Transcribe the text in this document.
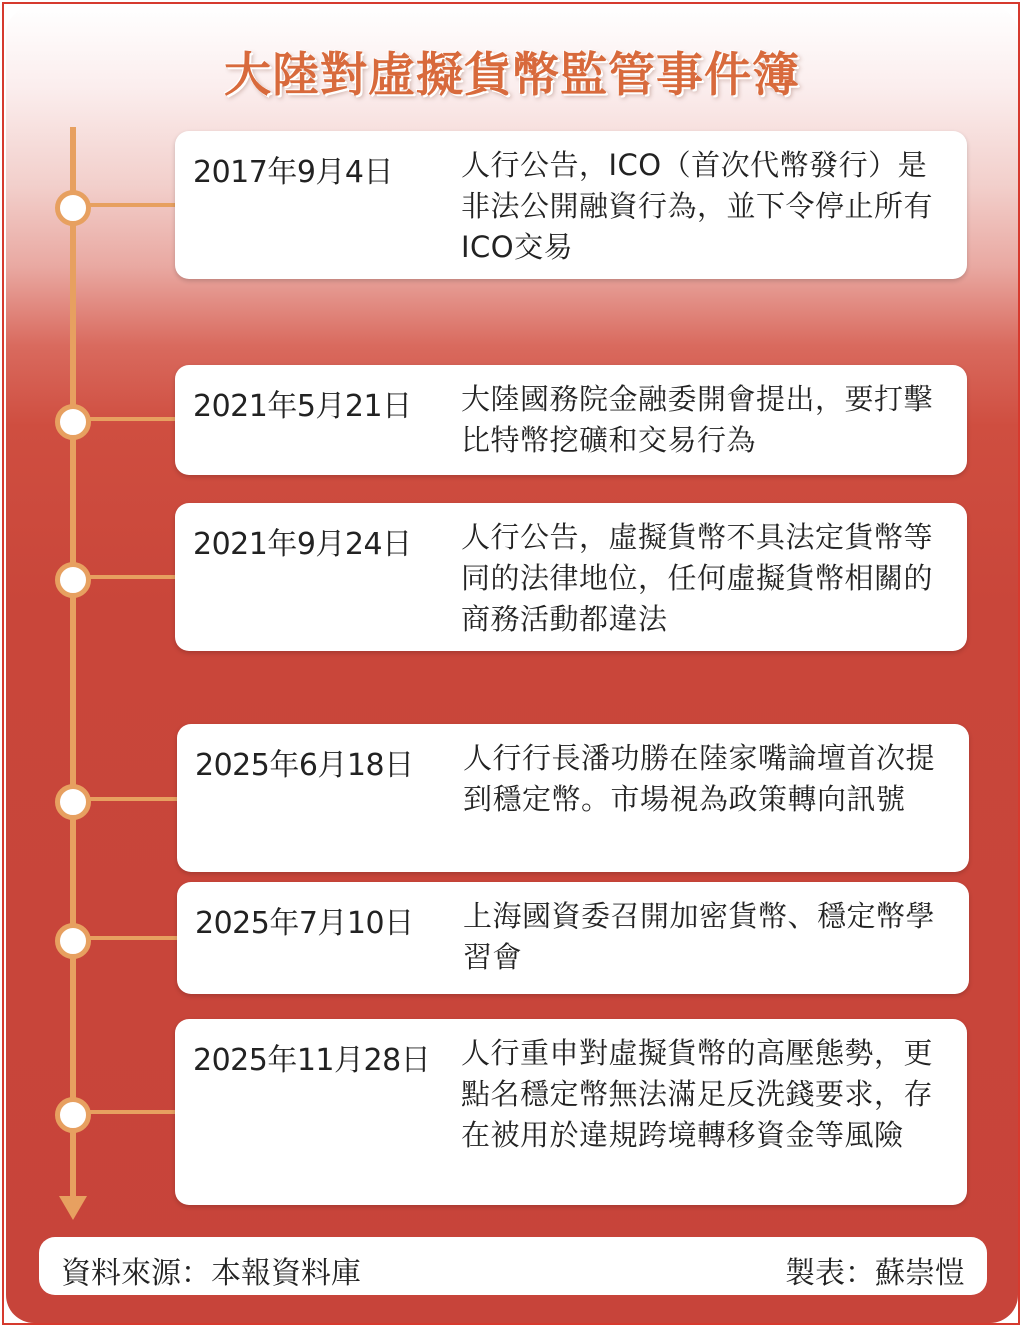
大陸對虛擬貨幣監管事件簿
2017年9月4日 人行公告，ICO（首次代幣發行）是非法公開融資行為，並下令停止所有ICO交易
2021年5月21日 大陸國務院金融委開會提出，要打擊比特幣挖礦和交易行為
2021年9月24日 人行公告，虛擬貨幣不具法定貨幣等同的法律地位，任何虛擬貨幣相關的商務活動都違法
2025年6月18日 人行行長潘功勝在陸家嘴論壇首次提到穩定幣。市場視為政策轉向訊號
2025年7月10日 上海國資委召開加密貨幣、穩定幣學習會
2025年11月28日 人行重申對虛擬貨幣的高壓態勢，更點名穩定幣無法滿足反洗錢要求，存在被用於違規跨境轉移資金等風險
資料來源：本報資料庫	製表：蘇崇愷
